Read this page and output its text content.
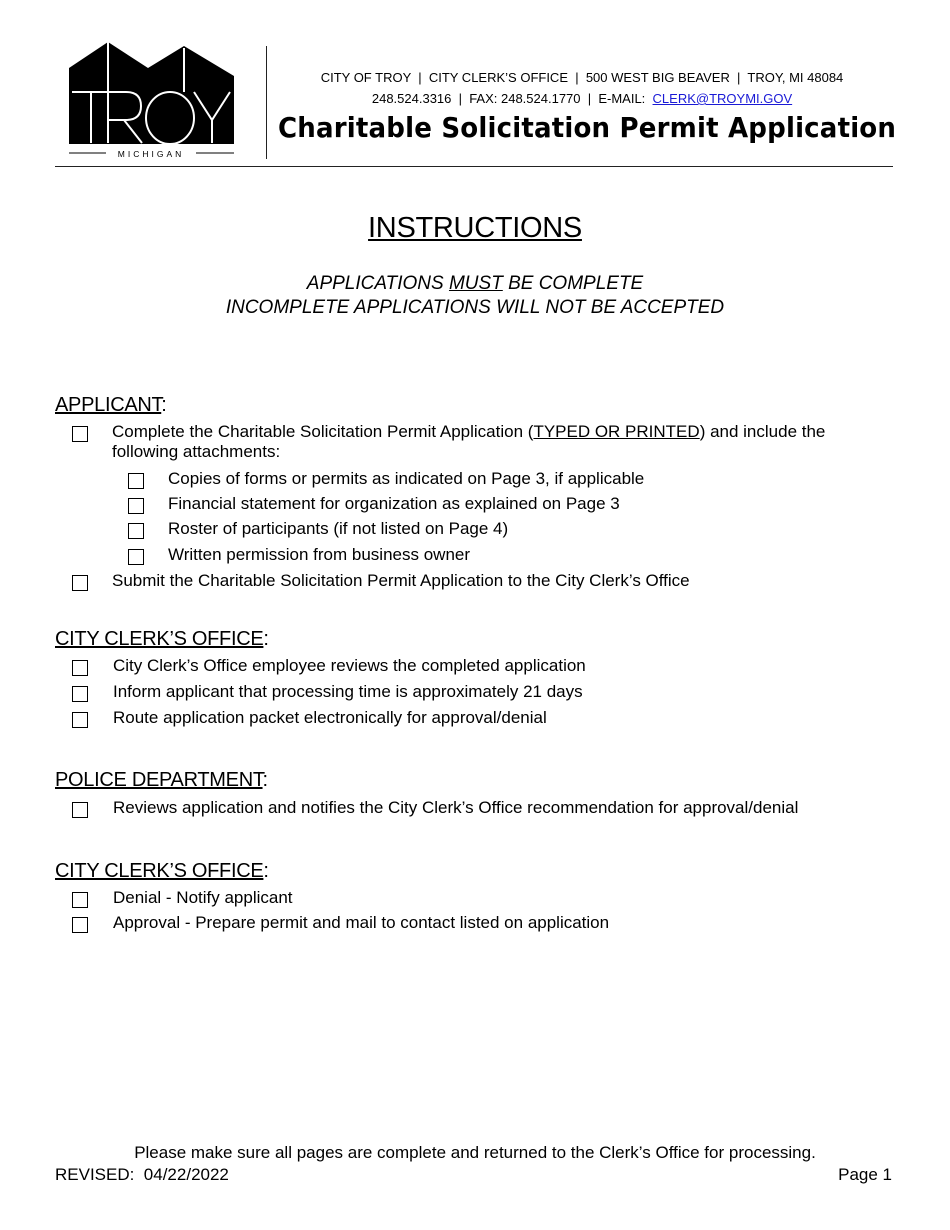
MICHIGAN
CITY OF TROY  |  CITY CLERK’S OFFICE  |  500 WEST BIG BEAVER  |  TROY, MI 48084
248.524.3316  |  FAX: 248.524.1770  |  E-MAIL:  CLERK@TROYMI.GOV
Charitable Solicitation Permit Application
INSTRUCTIONS
APPLICATIONS MUST BE COMPLETE
INCOMPLETE APPLICATIONS WILL NOT BE ACCEPTED
APPLICANT:
Complete the Charitable Solicitation Permit Application (TYPED OR PRINTED) and include the following attachments:
Copies of forms or permits as indicated on Page 3, if applicable
Financial statement for organization as explained on Page 3
Roster of participants (if not listed on Page 4)
Written permission from business owner
Submit the Charitable Solicitation Permit Application to the City Clerk’s Office
CITY CLERK’S OFFICE:
City Clerk’s Office employee reviews the completed application
Inform applicant that processing time is approximately 21 days
Route application packet electronically for approval/denial
POLICE DEPARTMENT:
Reviews application and notifies the City Clerk’s Office recommendation for approval/denial
CITY CLERK’S OFFICE:
Denial - Notify applicant
Approval - Prepare permit and mail to contact listed on application
Please make sure all pages are complete and returned to the Clerk’s Office for processing.
REVISED:  04/22/2022	Page 1
